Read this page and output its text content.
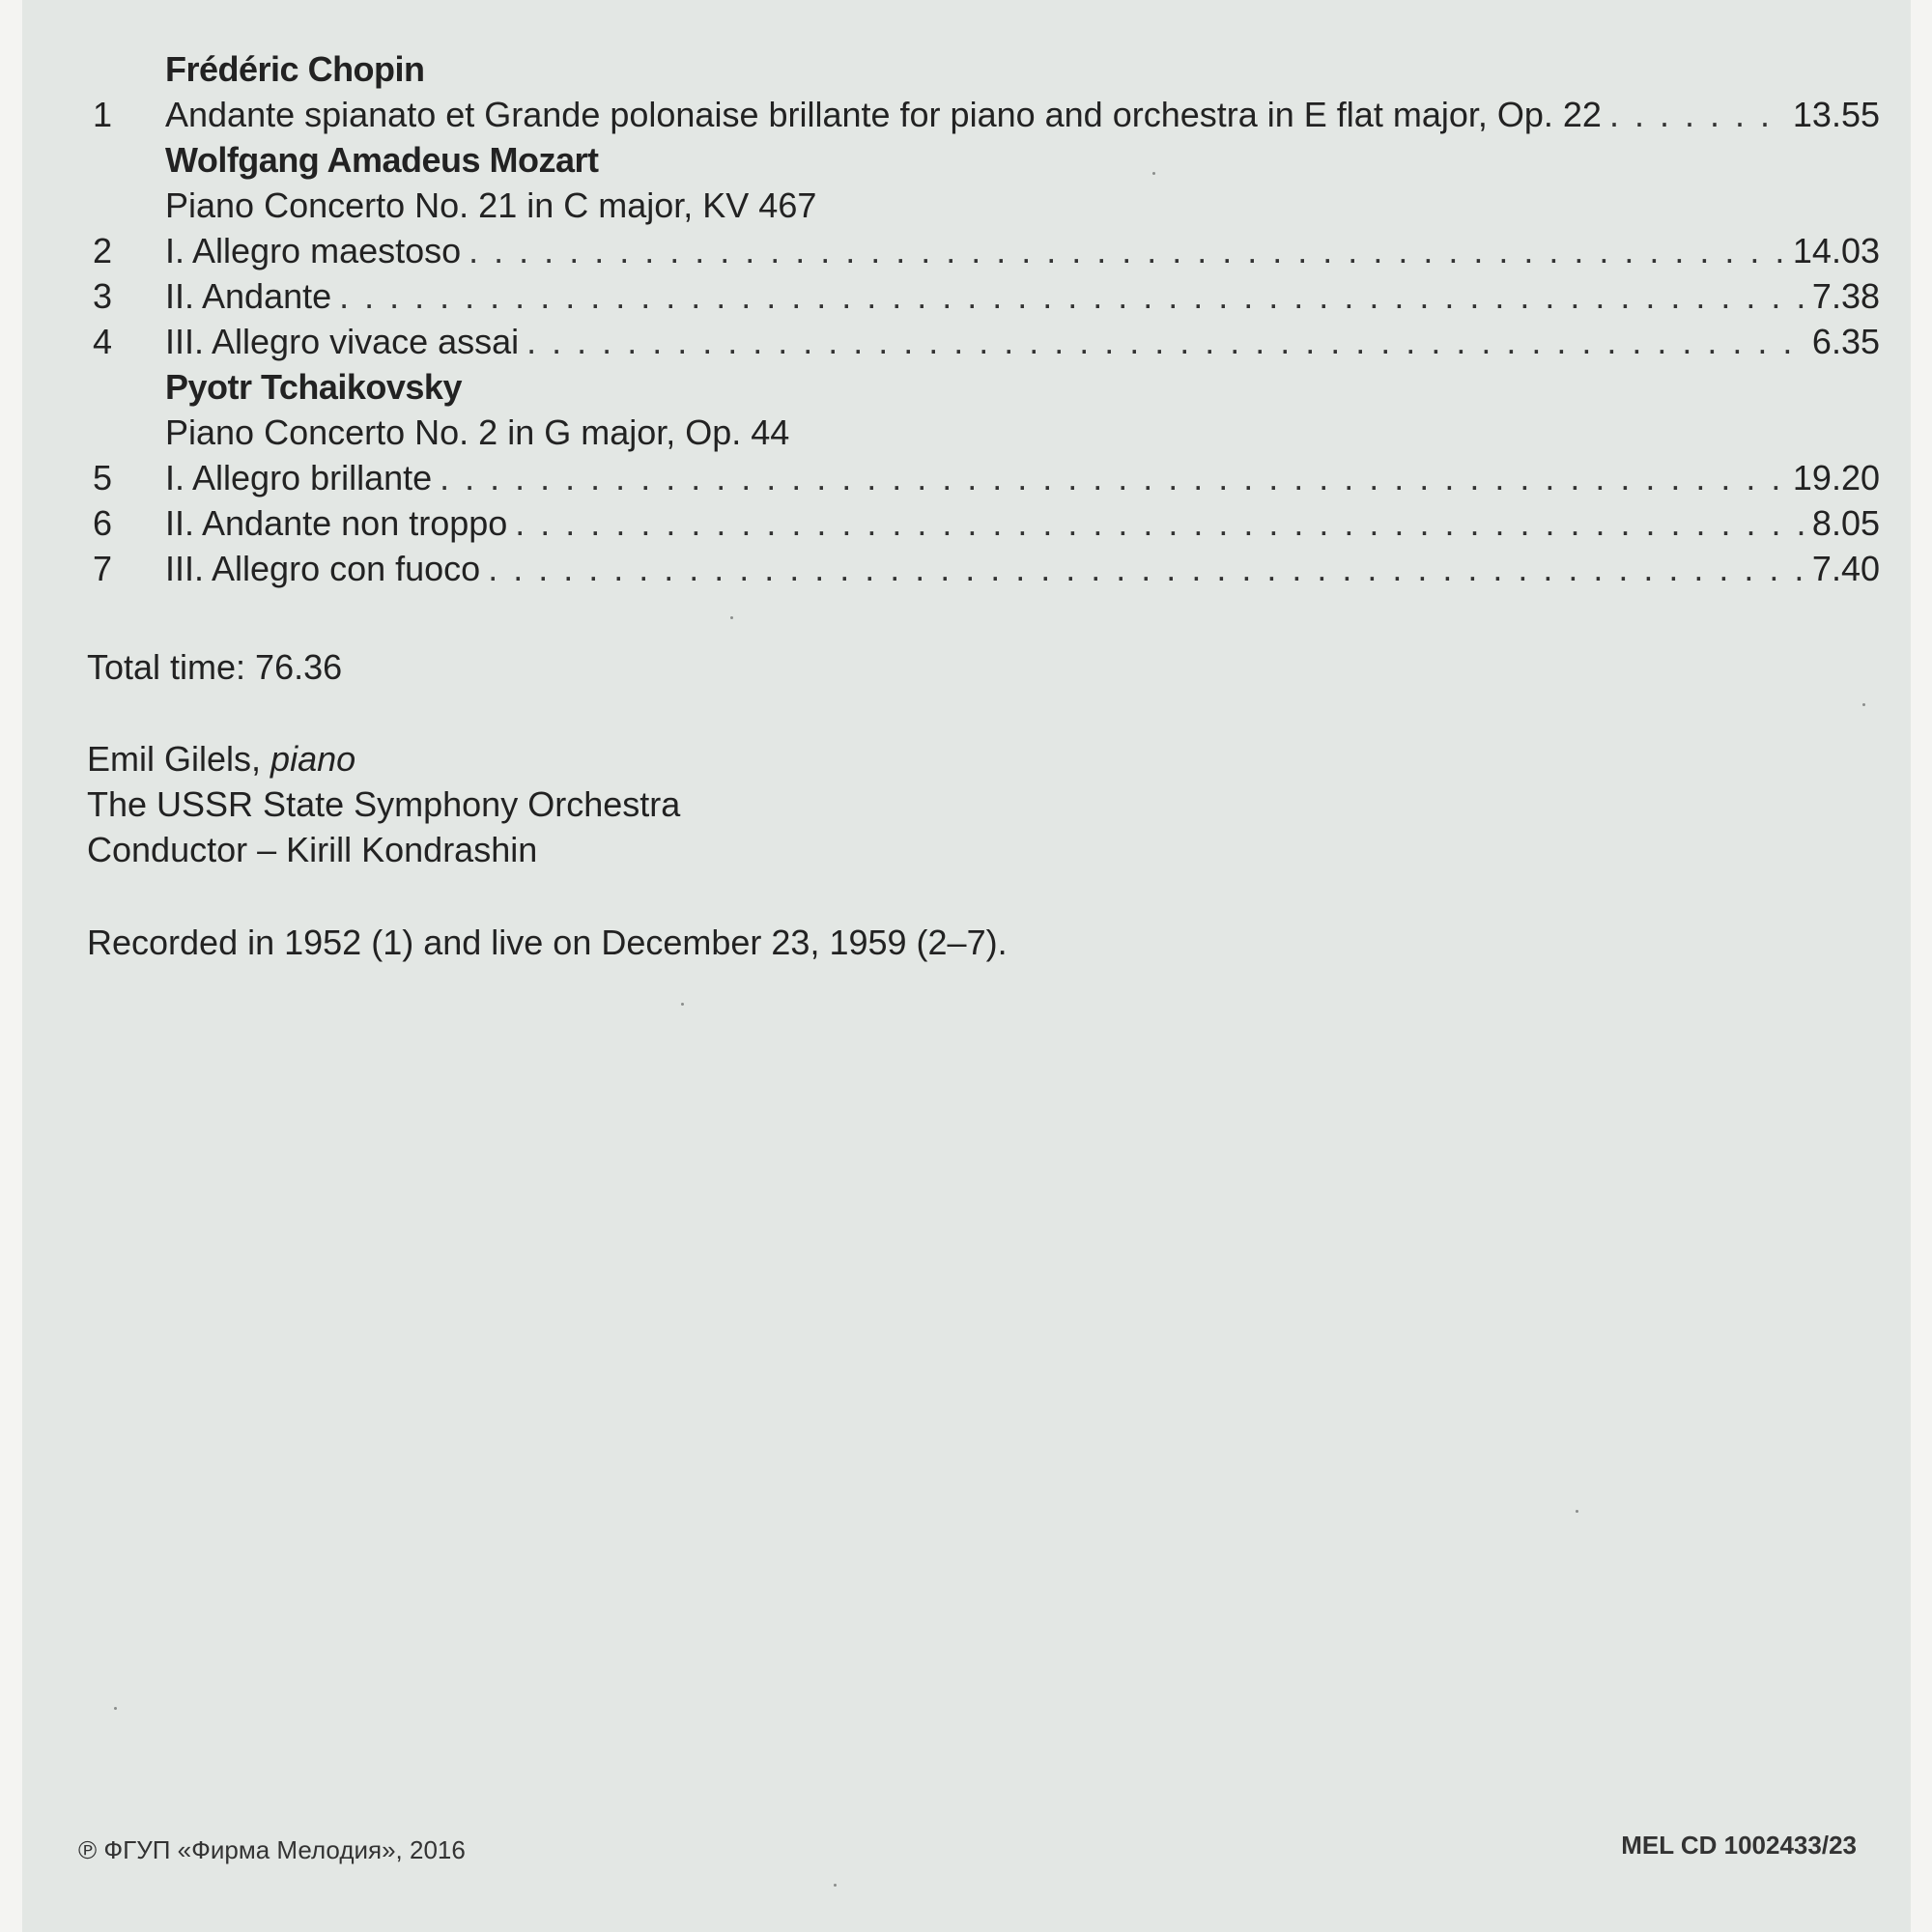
Frédéric Chopin
1	Andante spianato et Grande polonaise brillante for piano and orchestra in E flat major, Op. 22 . . .	13.55
Wolfgang Amadeus Mozart
Piano Concerto No. 21 in C major, KV 467
2	I. Allegro maestoso . . .	14.03
3	II. Andante . . .	7.38
4	III. Allegro vivace assai . . .	6.35
Pyotr Tchaikovsky
Piano Concerto No. 2 in G major, Op. 44
5	I. Allegro brillante . . .	19.20
6	II. Andante non troppo . . .	8.05
7	III. Allegro con fuoco . . .	7.40
Total time: 76.36
Emil Gilels, piano
The USSR State Symphony Orchestra
Conductor – Kirill Kondrashin
Recorded in 1952 (1) and live on December 23, 1959 (2–7).
℗ ФГУП «Фирма Мелодия», 2016	MEL CD 1002433/23
